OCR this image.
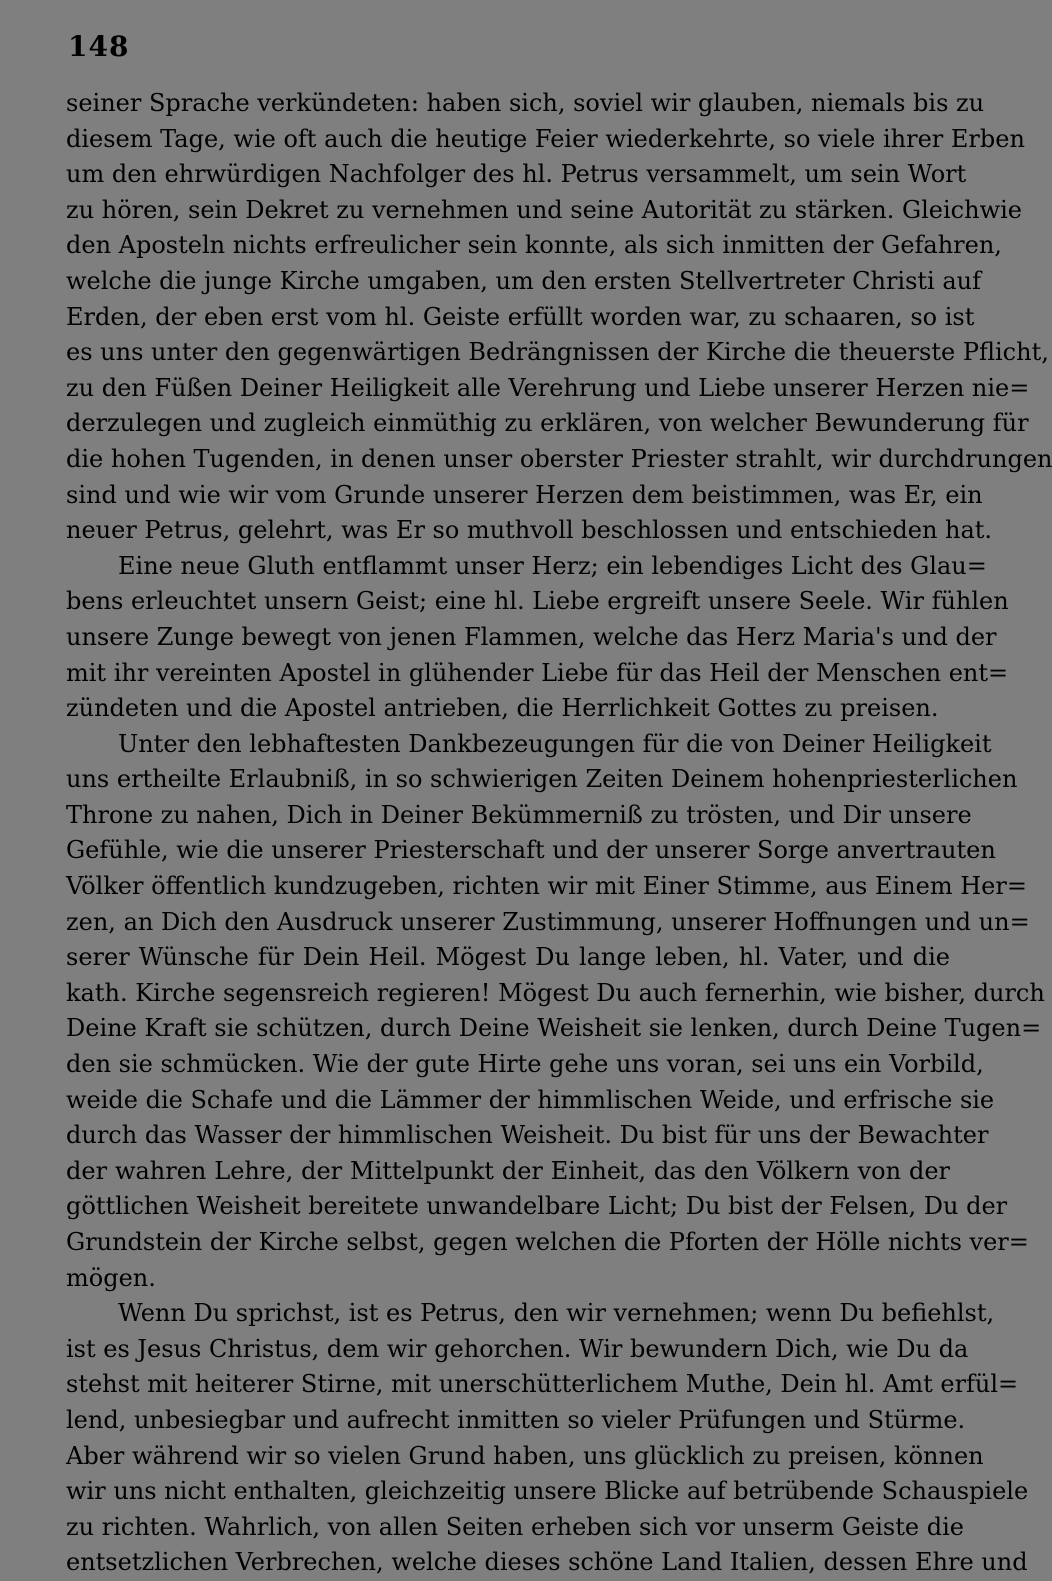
148
seiner Sprache verkündeten: haben sich, soviel wir glauben, niemals bis zu
diesem Tage, wie oft auch die heutige Feier wiederkehrte, so viele ihrer Erben
um den ehrwürdigen Nachfolger des hl. Petrus versammelt, um sein Wort
zu hören, sein Dekret zu vernehmen und seine Autorität zu stärken. Gleichwie
den Aposteln nichts erfreulicher sein konnte, als sich inmitten der Gefahren,
welche die junge Kirche umgaben, um den ersten Stellvertreter Christi auf
Erden, der eben erst vom hl. Geiste erfüllt worden war, zu schaaren, so ist
es uns unter den gegenwärtigen Bedrängnissen der Kirche die theuerste Pflicht,
zu den Füßen Deiner Heiligkeit alle Verehrung und Liebe unserer Herzen nie=
derzulegen und zugleich einmüthig zu erklären, von welcher Bewunderung für
die hohen Tugenden, in denen unser oberster Priester strahlt, wir durchdrungen
sind und wie wir vom Grunde unserer Herzen dem beistimmen, was Er, ein
neuer Petrus, gelehrt, was Er so muthvoll beschlossen und entschieden hat.
Eine neue Gluth entflammt unser Herz; ein lebendiges Licht des Glau=
bens erleuchtet unsern Geist; eine hl. Liebe ergreift unsere Seele. Wir fühlen
unsere Zunge bewegt von jenen Flammen, welche das Herz Maria's und der
mit ihr vereinten Apostel in glühender Liebe für das Heil der Menschen ent=
zündeten und die Apostel antrieben, die Herrlichkeit Gottes zu preisen.
Unter den lebhaftesten Dankbezeugungen für die von Deiner Heiligkeit
uns ertheilte Erlaubniß, in so schwierigen Zeiten Deinem hohenpriesterlichen
Throne zu nahen, Dich in Deiner Bekümmerniß zu trösten, und Dir unsere
Gefühle, wie die unserer Priesterschaft und der unserer Sorge anvertrauten
Völker öffentlich kundzugeben, richten wir mit Einer Stimme, aus Einem Her=
zen, an Dich den Ausdruck unserer Zustimmung, unserer Hoffnungen und un=
serer Wünsche für Dein Heil. Mögest Du lange leben, hl. Vater, und die
kath. Kirche segensreich regieren! Mögest Du auch fernerhin, wie bisher, durch
Deine Kraft sie schützen, durch Deine Weisheit sie lenken, durch Deine Tugen=
den sie schmücken. Wie der gute Hirte gehe uns voran, sei uns ein Vorbild,
weide die Schafe und die Lämmer der himmlischen Weide, und erfrische sie
durch das Wasser der himmlischen Weisheit. Du bist für uns der Bewachter
der wahren Lehre, der Mittelpunkt der Einheit, das den Völkern von der
göttlichen Weisheit bereitete unwandelbare Licht; Du bist der Felsen, Du der
Grundstein der Kirche selbst, gegen welchen die Pforten der Hölle nichts ver=
mögen.
Wenn Du sprichst, ist es Petrus, den wir vernehmen; wenn Du befiehlst,
ist es Jesus Christus, dem wir gehorchen. Wir bewundern Dich, wie Du da
stehst mit heiterer Stirne, mit unerschütterlichem Muthe, Dein hl. Amt erfül=
lend, unbesiegbar und aufrecht inmitten so vieler Prüfungen und Stürme.
Aber während wir so vielen Grund haben, uns glücklich zu preisen, können
wir uns nicht enthalten, gleichzeitig unsere Blicke auf betrübende Schauspiele
zu richten. Wahrlich, von allen Seiten erheben sich vor unserm Geiste die
entsetzlichen Verbrechen, welche dieses schöne Land Italien, dessen Ehre und
